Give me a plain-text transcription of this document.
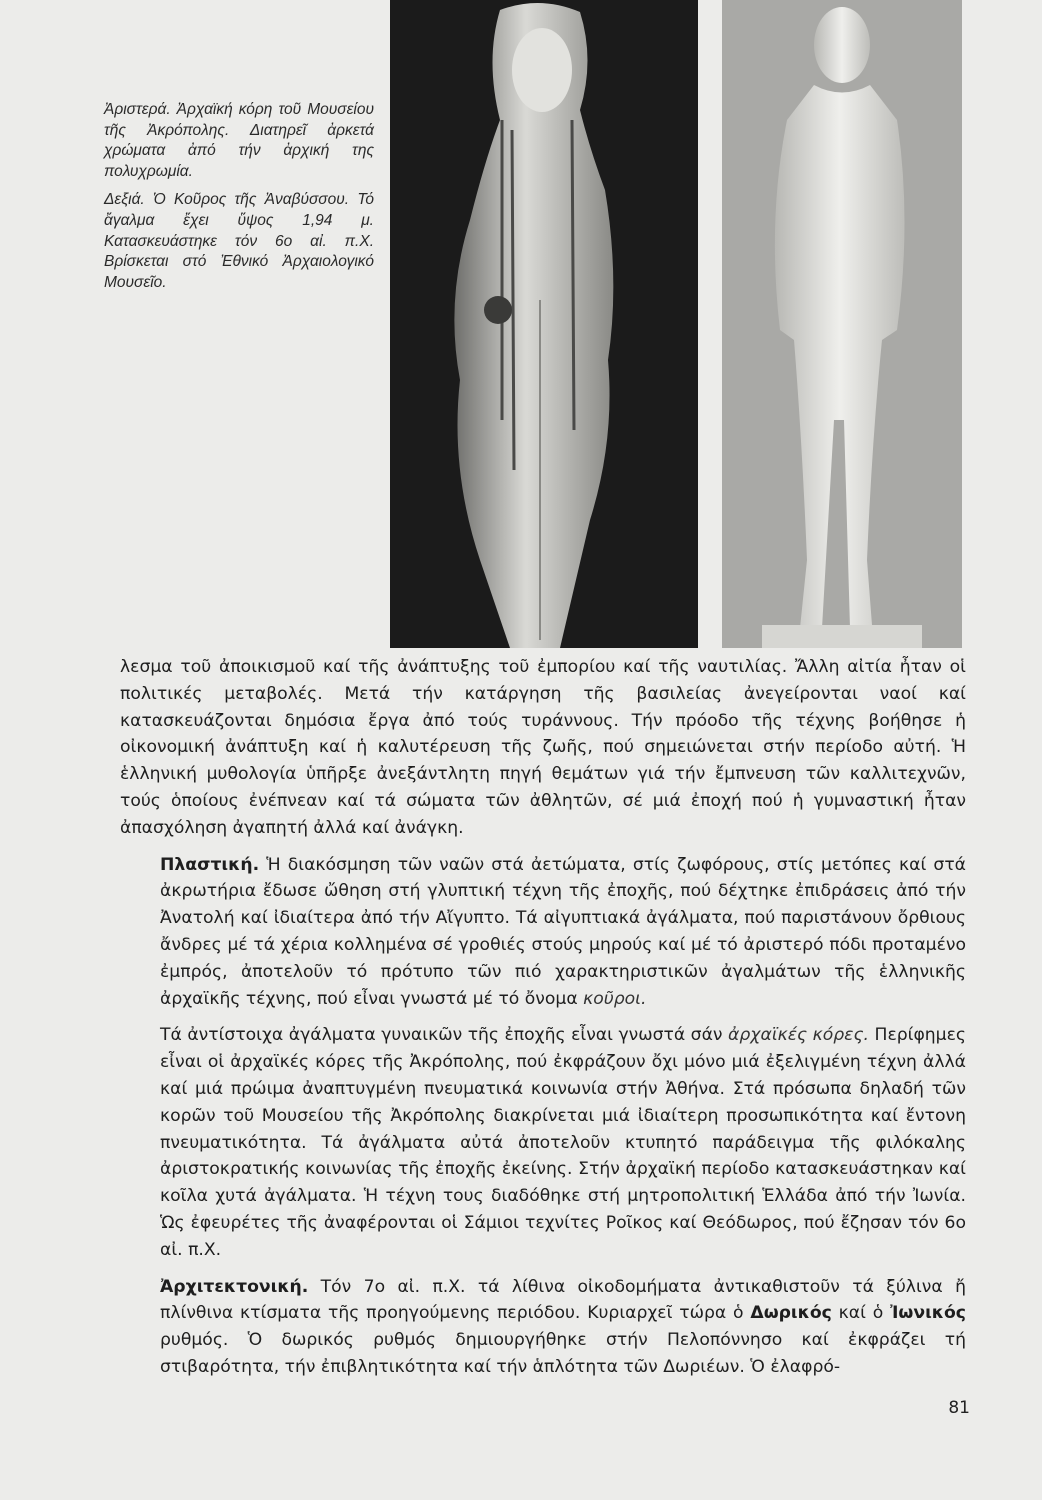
Ἀριστερά. Ἀρχαϊκή κόρη τοῦ Μουσείου τῆς Ἀκρόπολης. Διατηρεῖ ἀρκετά χρώματα ἀπό τήν ἀρχική της πολυχρωμία.

Δεξιά. Ὁ Κοῦρος τῆς Ἀναβύσσου. Τό ἄγαλμα ἔχει ὕψος 1,94 μ. Κατασκευάστηκε τόν 6ο αἰ. π.Χ. Βρίσκεται στό Ἐθνικό Ἀρχαιολογικό Μουσεῖο.

λεσμα τοῦ ἀποικισμοῦ καί τῆς ἀνάπτυξης τοῦ ἐμπορίου καί τῆς ναυτιλίας. Ἄλλη αἰτία ἦταν οἱ πολιτικές μεταβολές. Μετά τήν κατάργηση τῆς βασιλείας ἀνεγείρονται ναοί καί κατασκευάζονται δημόσια ἔργα ἀπό τούς τυράννους. Τήν πρόοδο τῆς τέχνης βοήθησε ἡ οἰκονομική ἀνάπτυξη καί ἡ καλυτέρευση τῆς ζωῆς, πού σημειώνεται στήν περίοδο αὐτή. Ἡ ἑλληνική μυθολογία ὑπῆρξε ἀνεξάντλητη πηγή θεμάτων γιά τήν ἔμπνευση τῶν καλλιτεχνῶν, τούς ὁποίους ἐνέπνεαν καί τά σώματα τῶν ἀθλητῶν, σέ μιά ἐποχή πού ἡ γυμναστική ἦταν ἀπασχόληση ἀγαπητή ἀλλά καί ἀνάγκη.

Πλαστική. Ἡ διακόσμηση τῶν ναῶν στά ἀετώματα, στίς ζωφόρους, στίς μετόπες καί στά ἀκρωτήρια ἔδωσε ὤθηση στή γλυπτική τέχνη τῆς ἐποχῆς, πού δέχτηκε ἐπιδράσεις ἀπό τήν Ἀνατολή καί ἰδιαίτερα ἀπό τήν Αἴγυπτο. Τά αἰγυπτιακά ἀγάλματα, πού παριστάνουν ὄρθιους ἄνδρες μέ τά χέρια κολλημένα σέ γροθιές στούς μηρούς καί μέ τό ἀριστερό πόδι προταμένο ἐμπρός, ἀποτελοῦν τό πρότυπο τῶν πιό χαρακτηριστικῶν ἀγαλμάτων τῆς ἑλληνικῆς ἀρχαϊκῆς τέχνης, πού εἶναι γνωστά μέ τό ὄνομα κοῦροι.

Τά ἀντίστοιχα ἀγάλματα γυναικῶν τῆς ἐποχῆς εἶναι γνωστά σάν ἀρχαϊκές κόρες. Περίφημες εἶναι οἱ ἀρχαϊκές κόρες τῆς Ἀκρόπολης, πού ἐκφράζουν ὄχι μόνο μιά ἐξελιγμένη τέχνη ἀλλά καί μιά πρώιμα ἀναπτυγμένη πνευματικά κοινωνία στήν Ἀθήνα. Στά πρόσωπα δηλαδή τῶν κορῶν τοῦ Μουσείου τῆς Ἀκρόπολης διακρίνεται μιά ἰδιαίτερη προσωπικότητα καί ἔντονη πνευματικότητα. Τά ἀγάλματα αὐτά ἀποτελοῦν κτυπητό παράδειγμα τῆς φιλόκαλης ἀριστοκρατικής κοινωνίας τῆς ἐποχῆς ἐκείνης. Στήν ἀρχαϊκή περίοδο κατασκευάστηκαν καί κοῖλα χυτά ἀγάλματα. Ἡ τέχνη τους διαδόθηκε στή μητροπολιτική Ἑλλάδα ἀπό τήν Ἰωνία. Ὡς ἐφευρέτες τῆς ἀναφέρονται οἱ Σάμιοι τεχνίτες Ροῖκος καί Θεόδωρος, πού ἔζησαν τόν 6ο αἰ. π.Χ.

Ἀρχιτεκτονική. Τόν 7ο αἰ. π.Χ. τά λίθινα οἰκοδομήματα ἀντικαθιστοῦν τά ξύλινα ἤ πλίνθινα κτίσματα τῆς προηγούμενης περιόδου. Κυριαρχεῖ τώρα ὁ Δωρικός καί ὁ Ἰωνικός ρυθμός. Ὁ δωρικός ρυθμός δημιουργήθηκε στήν Πελοπόννησο καί ἐκφράζει τή στιβαρότητα, τήν ἐπιβλητικότητα καί τήν ἁπλότητα τῶν Δωριέων. Ὁ ἐλαφρό-

81
